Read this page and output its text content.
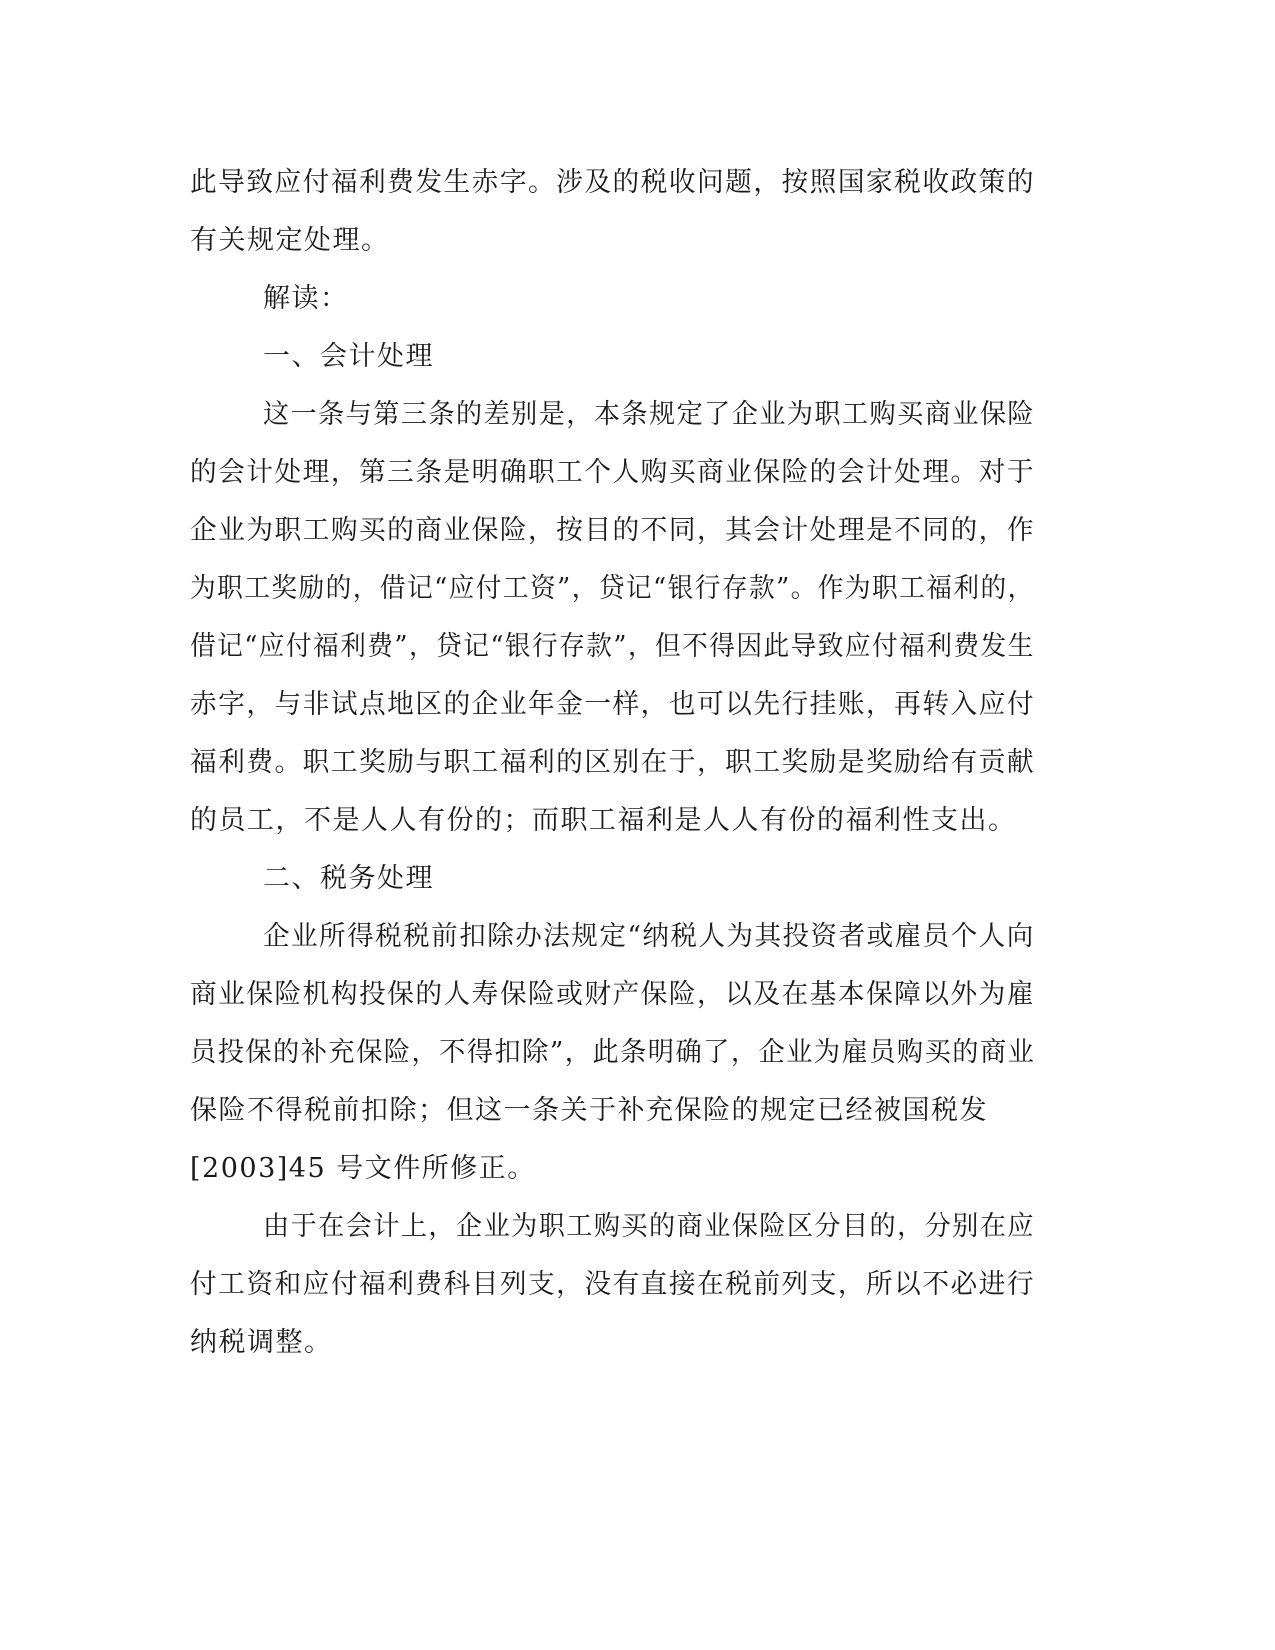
此导致应付福利费发生赤字。涉及的税收问题，按照国家税收政策的
有关规定处理。
解读：
一、会计处理
这一条与第三条的差别是，本条规定了企业为职工购买商业保险
的会计处理，第三条是明确职工个人购买商业保险的会计处理。对于
企业为职工购买的商业保险，按目的不同，其会计处理是不同的，作
为职工奖励的，借记“应付工资”，贷记“银行存款”。作为职工福利的，
借记“应付福利费”，贷记“银行存款”，但不得因此导致应付福利费发生
赤字，与非试点地区的企业年金一样，也可以先行挂账，再转入应付
福利费。职工奖励与职工福利的区别在于，职工奖励是奖励给有贡献
的员工，不是人人有份的；而职工福利是人人有份的福利性支出。
二、税务处理
企业所得税税前扣除办法规定“纳税人为其投资者或雇员个人向
商业保险机构投保的人寿保险或财产保险，以及在基本保障以外为雇
员投保的补充保险，不得扣除”，此条明确了，企业为雇员购买的商业
保险不得税前扣除；但这一条关于补充保险的规定已经被国税发
[2003]45 号文件所修正。
由于在会计上，企业为职工购买的商业保险区分目的，分别在应
付工资和应付福利费科目列支，没有直接在税前列支，所以不必进行
纳税调整。
